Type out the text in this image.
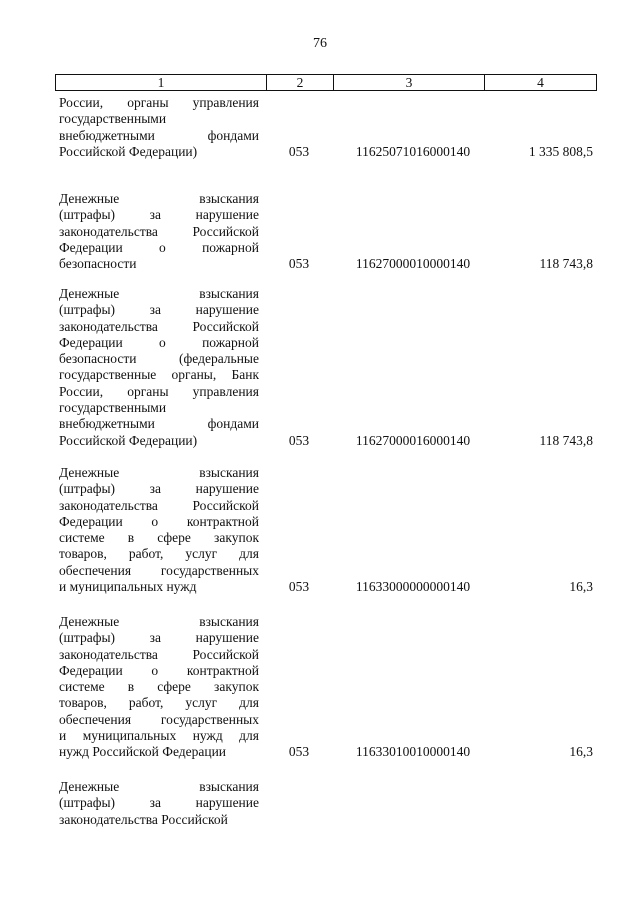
76
1	2	3	4
России, органы управления
государственными
внебюджетными фондами
Российской Федерации)	053	11625071016000140	1 335 808,5
Денежные взыскания
(штрафы) за нарушение
законодательства Российской
Федерации о пожарной
безопасности	053	11627000010000140	118 743,8
Денежные взыскания
(штрафы) за нарушение
законодательства Российской
Федерации о пожарной
безопасности (федеральные
государственные органы, Банк
России, органы управления
государственными
внебюджетными фондами
Российской Федерации)	053	11627000016000140	118 743,8
Денежные взыскания
(штрафы) за нарушение
законодательства Российской
Федерации о контрактной
системе в сфере закупок
товаров, работ, услуг для
обеспечения государственных
и муниципальных нужд	053	11633000000000140	16,3
Денежные взыскания
(штрафы) за нарушение
законодательства Российской
Федерации о контрактной
системе в сфере закупок
товаров, работ, услуг для
обеспечения государственных
и муниципальных нужд для
нужд Российской Федерации	053	11633010010000140	16,3
Денежные взыскания
(штрафы) за нарушение
законодательства Российской
